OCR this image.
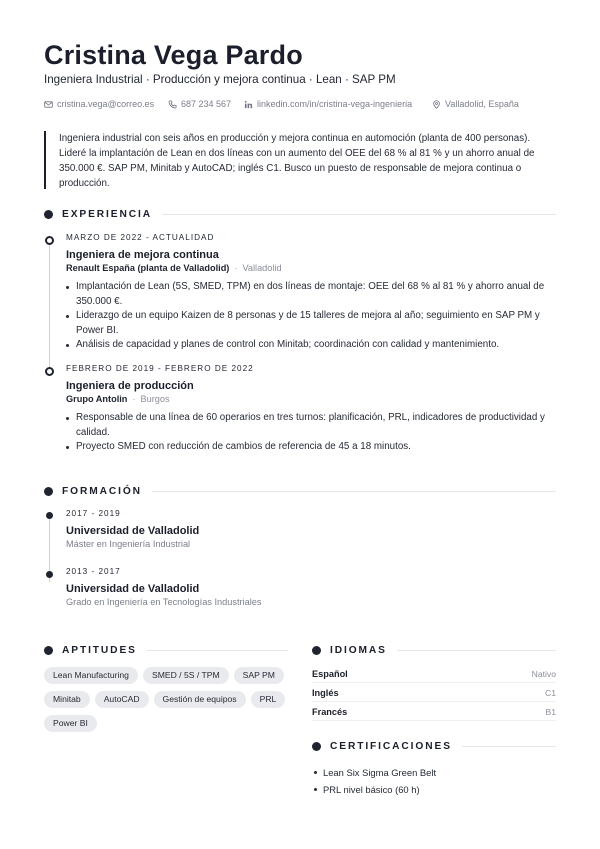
Cristina Vega Pardo
Ingeniera Industrial · Producción y mejora continua · Lean · SAP PM
cristina.vega@correo.es	687 234 567	linkedin.com/in/cristina-vega-ingenieria	Valladolid, España
Ingeniera industrial con seis años en producción y mejora continua en automoción (planta de 400 personas). Lideré la implantación de Lean en dos líneas con un aumento del OEE del 68 % al 81 % y un ahorro anual de 350.000 €. SAP PM, Minitab y AutoCAD; inglés C1. Busco un puesto de responsable de mejora continua o producción.
EXPERIENCIA
MARZO DE 2022 - ACTUALIDAD
Ingeniera de mejora continua
Renault España (planta de Valladolid) · Valladolid
Implantación de Lean (5S, SMED, TPM) en dos líneas de montaje: OEE del 68 % al 81 % y ahorro anual de 350.000 €.
Liderazgo de un equipo Kaizen de 8 personas y de 15 talleres de mejora al año; seguimiento en SAP PM y Power BI.
Análisis de capacidad y planes de control con Minitab; coordinación con calidad y mantenimiento.
FEBRERO DE 2019 - FEBRERO DE 2022
Ingeniera de producción
Grupo Antolin · Burgos
Responsable de una línea de 60 operarios en tres turnos: planificación, PRL, indicadores de productividad y calidad.
Proyecto SMED con reducción de cambios de referencia de 45 a 18 minutos.
FORMACIÓN
2017 - 2019
Universidad de Valladolid
Máster en Ingeniería Industrial
2013 - 2017
Universidad de Valladolid
Grado en Ingeniería en Tecnologías Industriales
APTITUDES
Lean Manufacturing	SMED / 5S / TPM	SAP PM
Minitab	AutoCAD	Gestión de equipos	PRL
Power BI
IDIOMAS
Español	Nativo
Inglés	C1
Francés	B1
CERTIFICACIONES
Lean Six Sigma Green Belt
PRL nivel básico (60 h)
